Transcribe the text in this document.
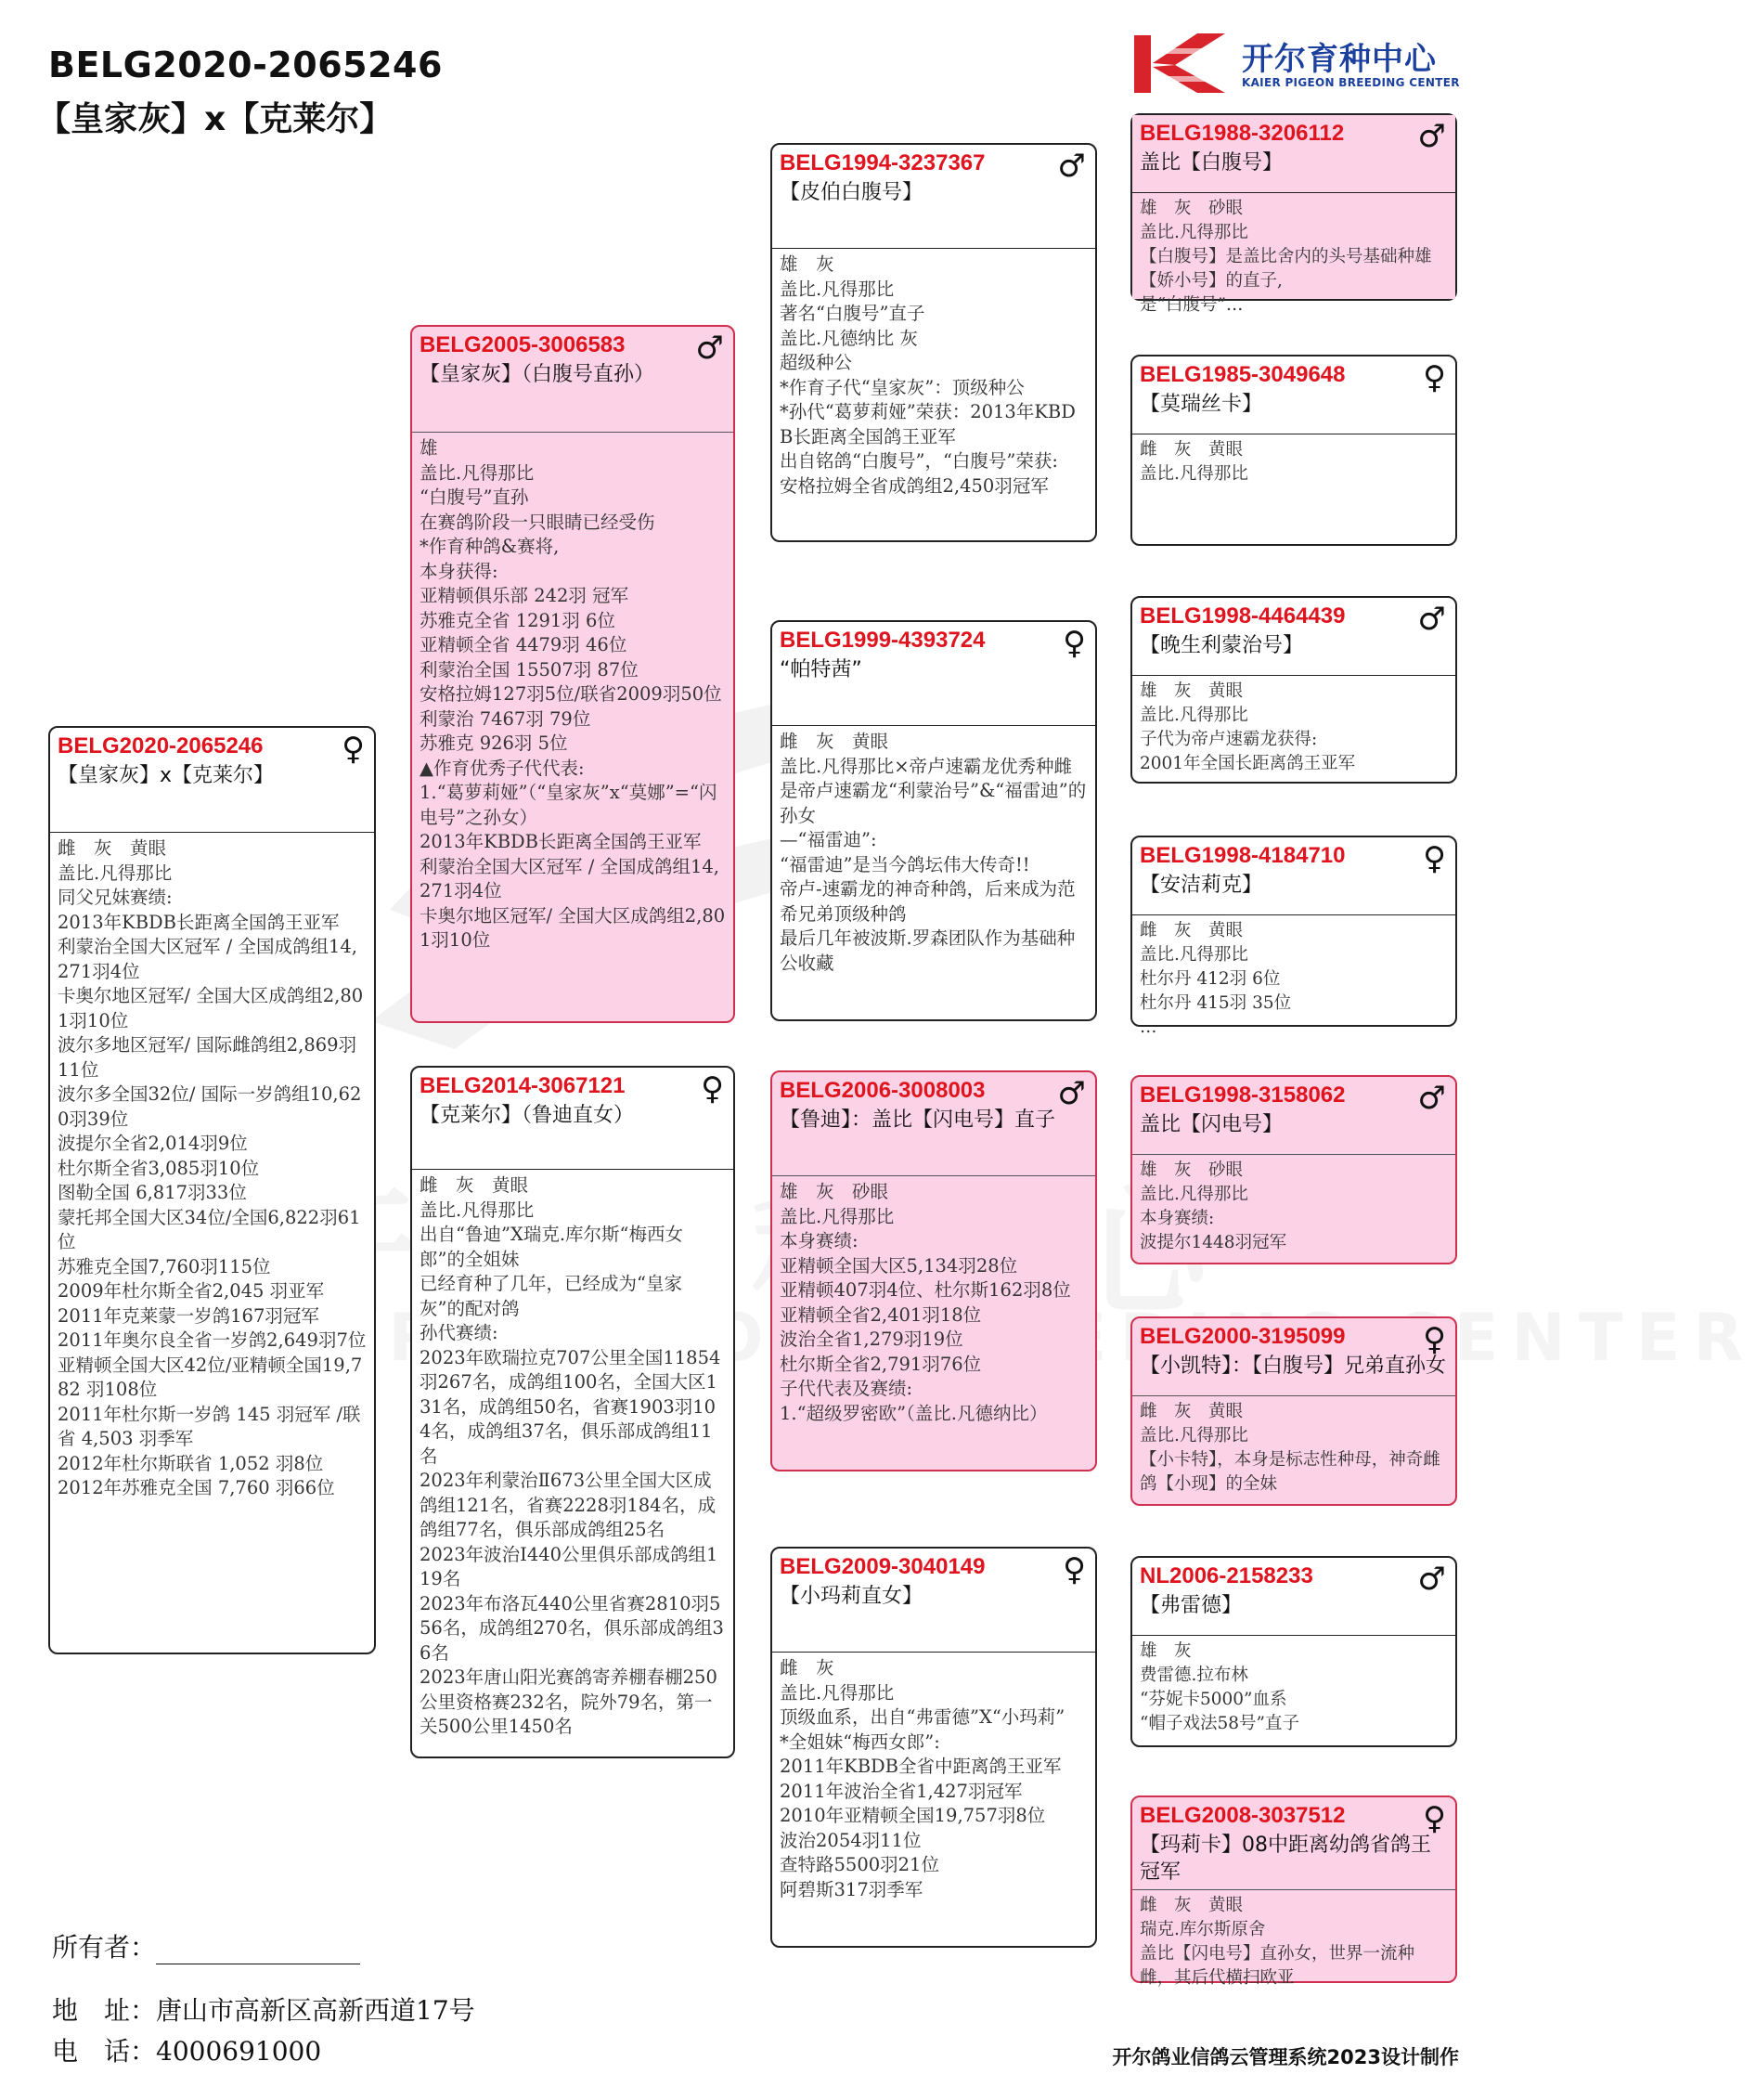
BELG2020-2065246
【皇家灰】x【克莱尔】
开尔育种中心
KAIER PIGEON BREEDING CENTER
BELG2020-2065246
【皇家灰】x【克莱尔】
♀
雌　灰　黄眼
盖比.凡得那比
同父兄妹赛绩:
2013年KBDB长距离全国鸽王亚军
利蒙治全国大区冠军 / 全国成鸽组14,271羽4位
卡奥尔地区冠军/ 全国大区成鸽组2,801羽10位
波尔多地区冠军/ 国际雌鸽组2,869羽11位
波尔多全国32位/ 国际一岁鸽组10,620羽39位
波提尔全省2,014羽9位
杜尔斯全省3,085羽10位
图勒全国 6,817羽33位
蒙托邦全国大区34位/全国6,822羽61位
苏雅克全国7,760羽115位
2009年杜尔斯全省2,045 羽亚军
2011年克莱蒙一岁鸽167羽冠军
2011年奥尔良全省一岁鸽2,649羽7位
亚精顿全国大区42位/亚精顿全国19,782 羽108位
2011年杜尔斯一岁鸽 145 羽冠军 /联省 4,503 羽季军
2012年杜尔斯联省 1,052 羽8位
2012年苏雅克全国 7,760 羽66位
BELG2005-3006583
【皇家灰】（白腹号直孙）
♂
雄
盖比.凡得那比
“白腹号”直孙
在赛鸽阶段一只眼睛已经受伤
*作育种鸽&赛将,
本身获得:
亚精顿俱乐部 242羽 冠军
苏雅克全省 1291羽 6位
亚精顿全省 4479羽 46位
利蒙治全国 15507羽 87位
安格拉姆127羽5位/联省2009羽50位
利蒙治 7467羽 79位
苏雅克 926羽 5位
▲作育优秀子代代表:
1.“葛萝莉娅”（“皇家灰”x“莫娜”=“闪电号”之孙女）
2013年KBDB长距离全国鸽王亚军
利蒙治全国大区冠军 / 全国成鸽组14,271羽4位
卡奥尔地区冠军/ 全国大区成鸽组2,801羽10位
BELG2014-3067121
【克莱尔】（鲁迪直女）
♀
雌　灰　黄眼
盖比.凡得那比
出自“鲁迪”X瑞克.库尔斯“梅西女郎”的全姐妹
已经育种了几年，已经成为“皇家灰”的配对鸽
孙代赛绩:
2023年欧瑞拉克707公里全国11854羽267名，成鸽组100名，全国大区131名，成鸽组50名，省赛1903羽104名，成鸽组37名，俱乐部成鸽组11名
2023年利蒙治Ⅱ673公里全国大区成鸽组121名，省赛2228羽184名，成鸽组77名，俱乐部成鸽组25名
2023年波治Ⅰ440公里俱乐部成鸽组119名
2023年布洛瓦440公里省赛2810羽556名，成鸽组270名，俱乐部成鸽组36名
2023年唐山阳光赛鸽寄养棚春棚250公里资格赛232名，院外79名，第一关500公里1450名
BELG1994-3237367
【皮伯白腹号】
♂
雄　灰
盖比.凡得那比
著名“白腹号”直子
盖比.凡德纳比 灰
超级种公
*作育子代“皇家灰”：顶级种公
*孙代“葛萝莉娅”荣获：2013年KBDB长距离全国鸽王亚军
出自铭鸽“白腹号”，“白腹号”荣获:
安格拉姆全省成鸽组2,450羽冠军
BELG1999-4393724
“帕特茜”
♀
雌　灰　黄眼
盖比.凡得那比×帝卢速霸龙优秀种雌
是帝卢速霸龙“利蒙治号”&“福雷迪”的孙女
—“福雷迪”:
“福雷迪”是当今鸽坛伟大传奇!!
帝卢-速霸龙的神奇种鸽，后来成为范希兄弟顶级种鸽
最后几年被波斯.罗森团队作为基础种公收藏
BELG2006-3008003
【鲁迪】：盖比【闪电号】直子
♂
雄　灰　砂眼
盖比.凡得那比
本身赛绩:
亚精顿全国大区5,134羽28位
亚精顿407羽4位、杜尔斯162羽8位
亚精顿全省2,401羽18位
波治全省1,279羽19位
杜尔斯全省2,791羽76位
子代代表及赛绩:
1.“超级罗密欧”（盖比.凡德纳比）
BELG2009-3040149
【小玛莉直女】
♀
雌　灰
盖比.凡得那比
顶级血系，出自“弗雷德”X“小玛莉”
*全姐妹“梅西女郎”:
2011年KBDB全省中距离鸽王亚军
2011年波治全省1,427羽冠军
2010年亚精顿全国19,757羽8位
波治2054羽11位
查特路5500羽21位
阿碧斯317羽季军
BELG1988-3206112
盖比【白腹号】
♂
雄　灰　砂眼
盖比.凡得那比
【白腹号】是盖比舍内的头号基础种雄【娇小号】的直子,
是“白腹号”…
BELG1985-3049648
【莫瑞丝卡】
♀
雌　灰　黄眼
盖比.凡得那比
BELG1998-4464439
【晚生利蒙治号】
♂
雄　灰　黄眼
盖比.凡得那比
子代为帝卢速霸龙获得:
2001年全国长距离鸽王亚军
BELG1998-4184710
【安洁莉克】
♀
雌　灰　黄眼
盖比.凡得那比
杜尔丹 412羽 6位
杜尔丹 415羽 35位
…
BELG1998-3158062
盖比【闪电号】
♂
雄　灰　砂眼
盖比.凡得那比
本身赛绩:
波提尔1448羽冠军
BELG2000-3195099
【小凯特】：【白腹号】兄弟直孙女
♀
雌　灰　黄眼
盖比.凡得那比
【小卡特】，本身是标志性种母，神奇雌鸽【小现】的全妹
NL2006-2158233
【弗雷德】
♂
雄　灰
费雷德.拉布林
“芬妮卡5000”血系
“帽子戏法58号”直子
BELG2008-3037512
【玛莉卡】08中距离幼鸽省鸽王冠军
♀
雌　灰　黄眼
瑞克.库尔斯原舍
盖比【闪电号】直孙女，世界一流种雌，其后代横扫欧亚
所有者：
地　址：唐山市高新区高新西道17号
电　话：4000691000	开尔鸽业信鸽云管理系统2023设计制作
